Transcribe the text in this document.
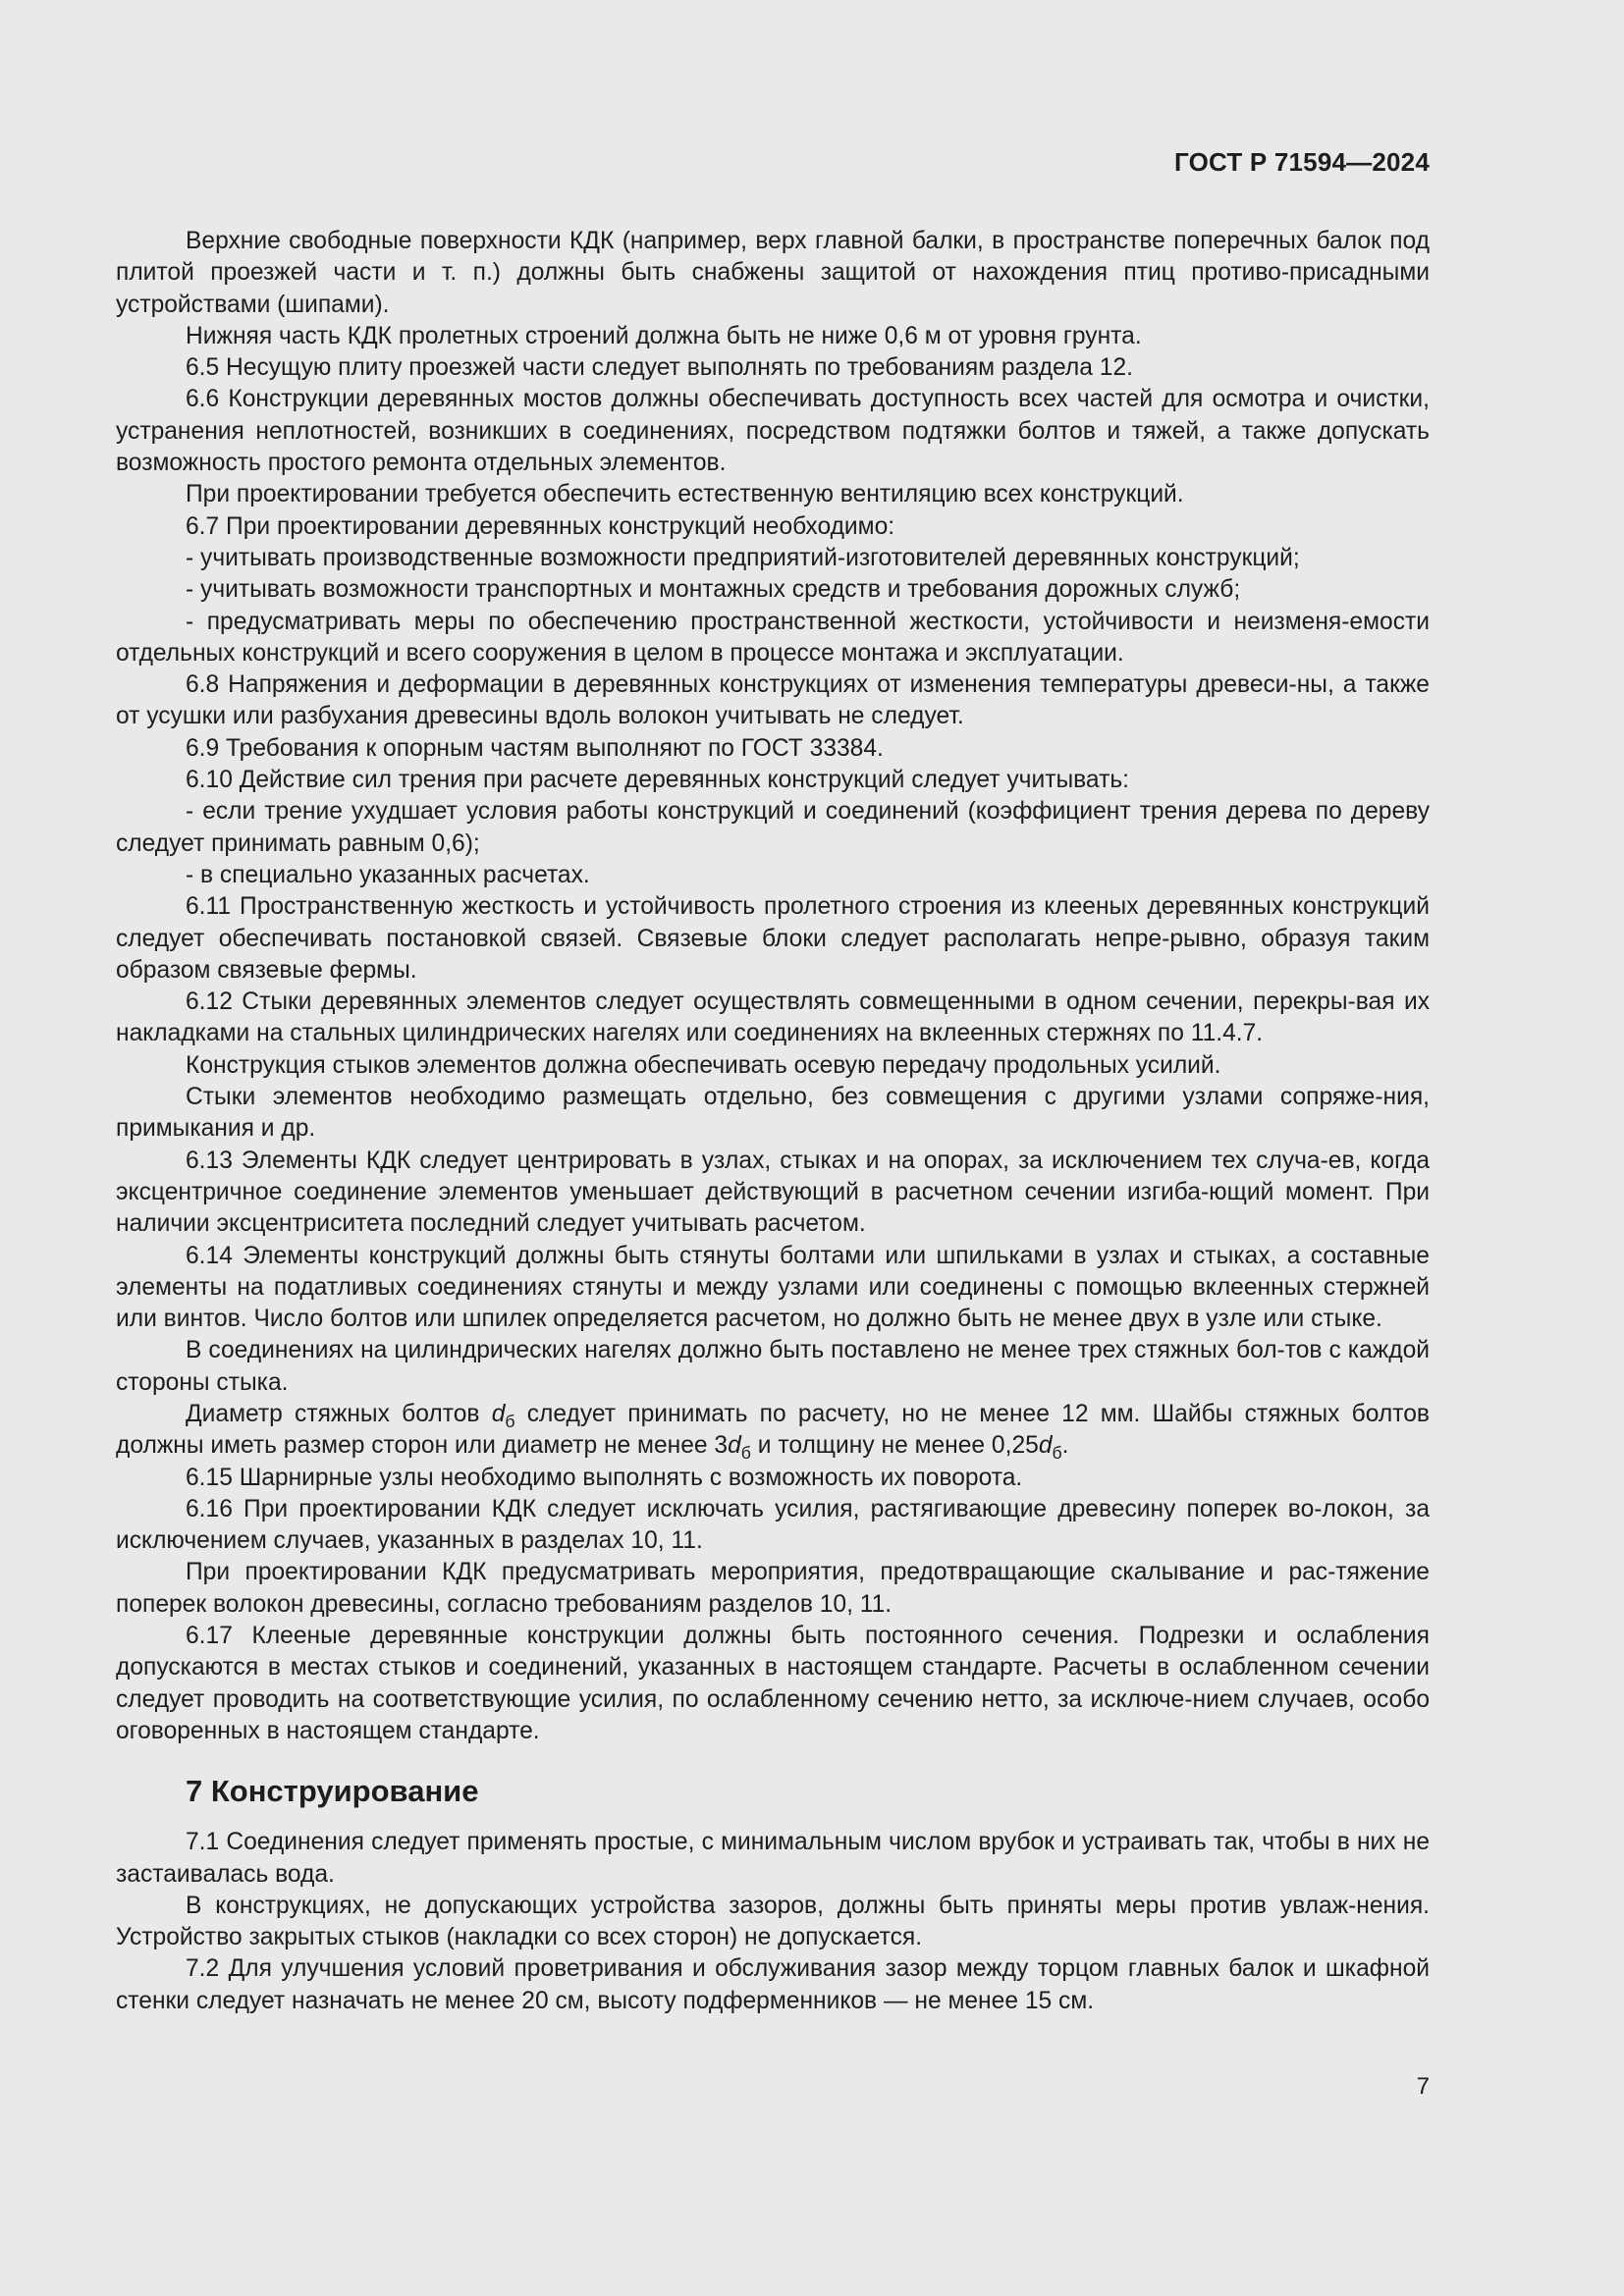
ГОСТ Р 71594—2024

Верхние свободные поверхности КДК (например, верх главной балки, в пространстве поперечных балок под плитой проезжей части и т. п.) должны быть снабжены защитой от нахождения птиц противо-присадными устройствами (шипами).

Нижняя часть КДК пролетных строений должна быть не ниже 0,6 м от уровня грунта.

6.5 Несущую плиту проезжей части следует выполнять по требованиям раздела 12.

6.6 Конструкции деревянных мостов должны обеспечивать доступность всех частей для осмотра и очистки, устранения неплотностей, возникших в соединениях, посредством подтяжки болтов и тяжей, а также допускать возможность простого ремонта отдельных элементов.

При проектировании требуется обеспечить естественную вентиляцию всех конструкций.

6.7 При проектировании деревянных конструкций необходимо:

- учитывать производственные возможности предприятий-изготовителей деревянных конструкций;

- учитывать возможности транспортных и монтажных средств и требования дорожных служб;

- предусматривать меры по обеспечению пространственной жесткости, устойчивости и неизменя-емости отдельных конструкций и всего сооружения в целом в процессе монтажа и эксплуатации.

6.8 Напряжения и деформации в деревянных конструкциях от изменения температуры древеси-ны, а также от усушки или разбухания древесины вдоль волокон учитывать не следует.

6.9 Требования к опорным частям выполняют по ГОСТ 33384.

6.10 Действие сил трения при расчете деревянных конструкций следует учитывать:

- если трение ухудшает условия работы конструкций и соединений (коэффициент трения дерева по дереву следует принимать равным 0,6);

- в специально указанных расчетах.

6.11 Пространственную жесткость и устойчивость пролетного строения из клееных деревянных конструкций следует обеспечивать постановкой связей. Связевые блоки следует располагать непре-рывно, образуя таким образом связевые фермы.

6.12 Стыки деревянных элементов следует осуществлять совмещенными в одном сечении, перекры-вая их накладками на стальных цилиндрических нагелях или соединениях на вклеенных стержнях по 11.4.7.

Конструкция стыков элементов должна обеспечивать осевую передачу продольных усилий.

Стыки элементов необходимо размещать отдельно, без совмещения с другими узлами сопряже-ния, примыкания и др.

6.13 Элементы КДК следует центрировать в узлах, стыках и на опорах, за исключением тех случа-ев, когда эксцентричное соединение элементов уменьшает действующий в расчетном сечении изгиба-ющий момент. При наличии эксцентриситета последний следует учитывать расчетом.

6.14 Элементы конструкций должны быть стянуты болтами или шпильками в узлах и стыках, а составные элементы на податливых соединениях стянуты и между узлами или соединены с помощью вклеенных стержней или винтов. Число болтов или шпилек определяется расчетом, но должно быть не менее двух в узле или стыке.

В соединениях на цилиндрических нагелях должно быть поставлено не менее трех стяжных бол-тов с каждой стороны стыка.

Диаметр стяжных болтов $d_б$ следует принимать по расчету, но не менее 12 мм. Шайбы стяжных болтов должны иметь размер сторон или диаметр не менее $3d_б$ и толщину не менее $0,25d_б$.

6.15 Шарнирные узлы необходимо выполнять с возможность их поворота.

6.16 При проектировании КДК следует исключать усилия, растягивающие древесину поперек во-локон, за исключением случаев, указанных в разделах 10, 11.

При проектировании КДК предусматривать мероприятия, предотвращающие скалывание и рас-тяжение поперек волокон древесины, согласно требованиям разделов 10, 11.

6.17 Клееные деревянные конструкции должны быть постоянного сечения. Подрезки и ослабления допускаются в местах стыков и соединений, указанных в настоящем стандарте. Расчеты в ослабленном сечении следует проводить на соответствующие усилия, по ослабленному сечению нетто, за исключе-нием случаев, особо оговоренных в настоящем стандарте.

7 Конструирование

7.1 Соединения следует применять простые, с минимальным числом врубок и устраивать так, чтобы в них не застаивалась вода.

В конструкциях, не допускающих устройства зазоров, должны быть приняты меры против увлаж-нения. Устройство закрытых стыков (накладки со всех сторон) не допускается.

7.2 Для улучшения условий проветривания и обслуживания зазор между торцом главных балок и шкафной стенки следует назначать не менее 20 см, высоту подферменников — не менее 15 см.

7
